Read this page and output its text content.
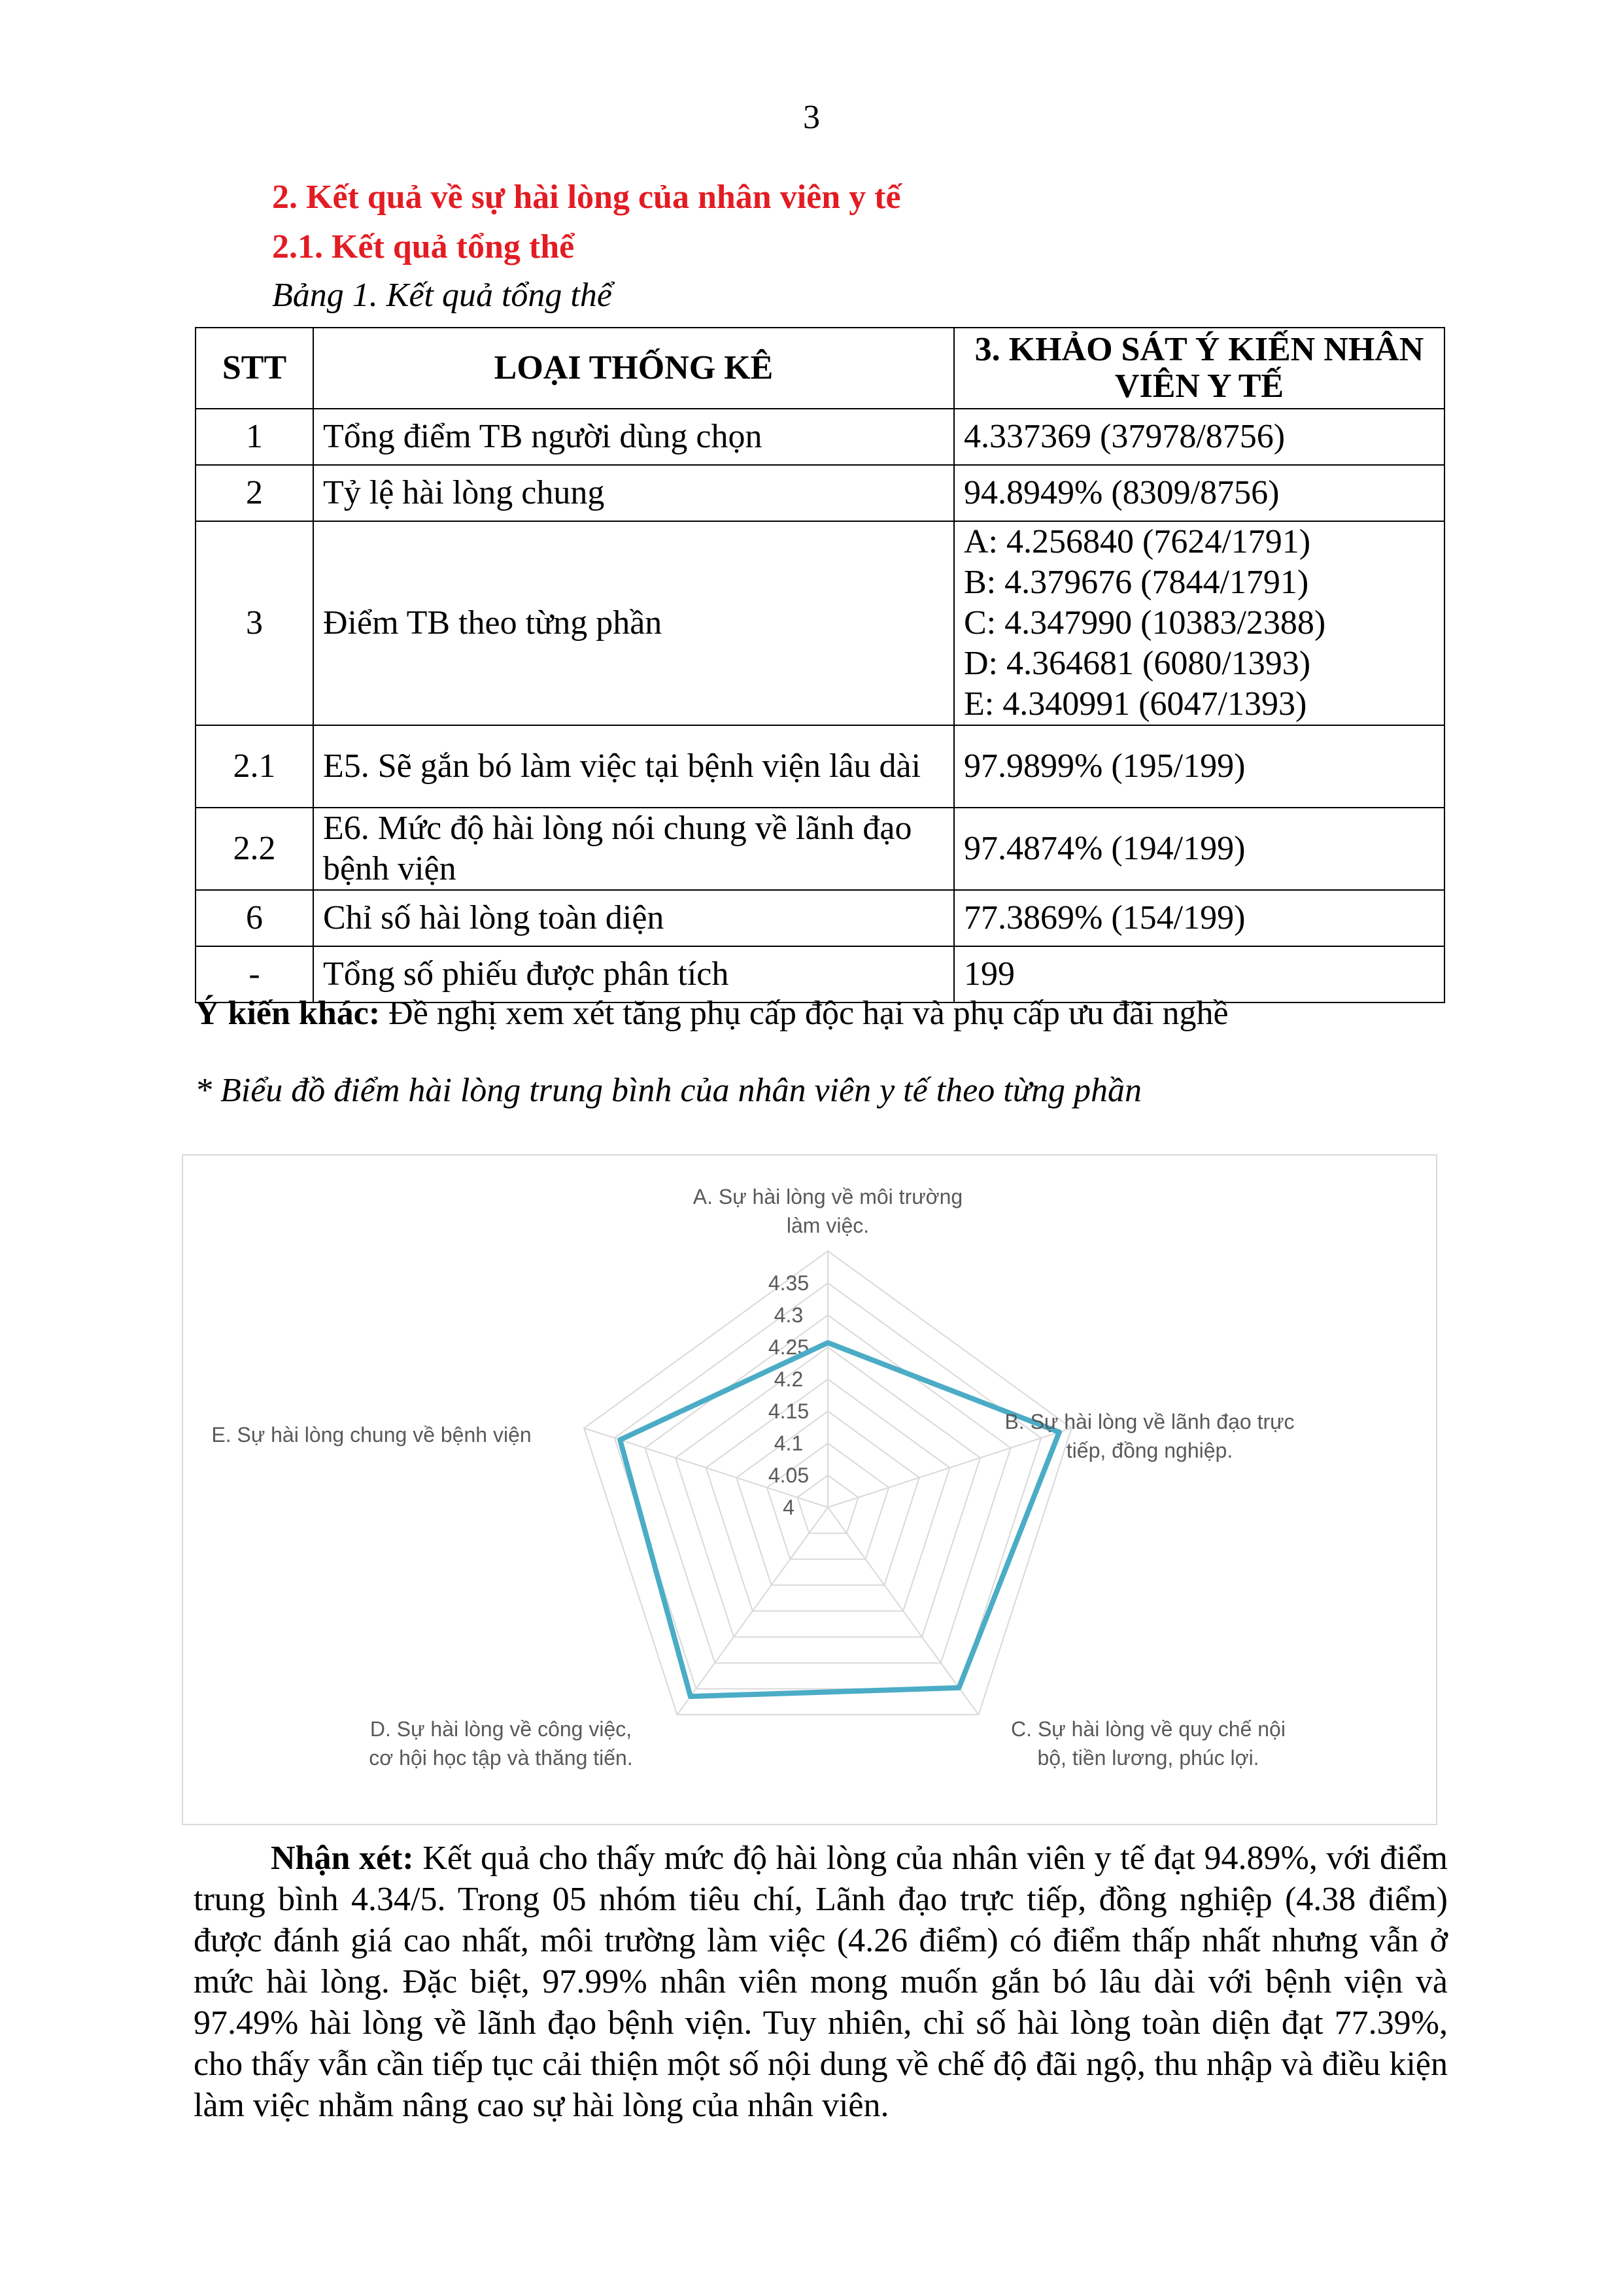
3
2. Kết quả về sự hài lòng của nhân viên y tế
2.1. Kết quả tổng thể
Bảng 1. Kết quả tổng thể
STT	LOẠI THỐNG KÊ	3. KHẢO SÁT Ý KIẾN NHÂN VIÊN Y TẾ
1	Tổng điểm TB người dùng chọn	4.337369 (37978/8756)
2	Tỷ lệ hài lòng chung	94.8949% (8309/8756)
3	Điểm TB theo từng phần	A: 4.256840 (7624/1791)
B: 4.379676 (7844/1791)
C: 4.347990 (10383/2388)
D: 4.364681 (6080/1393)
E: 4.340991 (6047/1393)

2.1	E5. Sẽ gắn bó làm việc tại bệnh viện lâu dài	97.9899% (195/199)
2.2	E6. Mức độ hài lòng nói chung về lãnh đạo bệnh viện	97.4874% (194/199)
6	Chỉ số hài lòng toàn diện	77.3869% (154/199)
-	Tổng số phiếu được phân tích	199
Ý kiến khác: Đề nghị xem xét tăng phụ cấp độc hại và phụ cấp ưu đãi nghề
* Biểu đồ điểm hài lòng trung bình của nhân viên y tế theo từng phần
4
4.05
4.1
4.15
4.2
4.25
4.3
4.35
A. Sự hài lòng về môi trường
làm việc.
B. Sự hài lòng về lãnh đạo trực
tiếp, đồng nghiệp.
C. Sự hài lòng về quy chế nội
bộ, tiền lương, phúc lợi.
D. Sự hài lòng về công việc,
cơ hội học tập và thăng tiến.
E. Sự hài lòng chung về bệnh viện
Nhận xét: Kết quả cho thấy mức độ hài lòng của nhân viên y tế đạt 94.89%, với điểm trung bình 4.34/5. Trong 05 nhóm tiêu chí, Lãnh đạo trực tiếp, đồng nghiệp (4.38 điểm) được đánh giá cao nhất, môi trường làm việc (4.26 điểm) có điểm thấp nhất nhưng vẫn ở mức hài lòng. Đặc biệt, 97.99% nhân viên mong muốn gắn bó lâu dài với bệnh viện và 97.49% hài lòng về lãnh đạo bệnh viện. Tuy nhiên, chỉ số hài lòng toàn diện đạt 77.39%, cho thấy vẫn cần tiếp tục cải thiện một số nội dung về chế độ đãi ngộ, thu nhập và điều kiện làm việc nhằm nâng cao sự hài lòng của nhân viên.
